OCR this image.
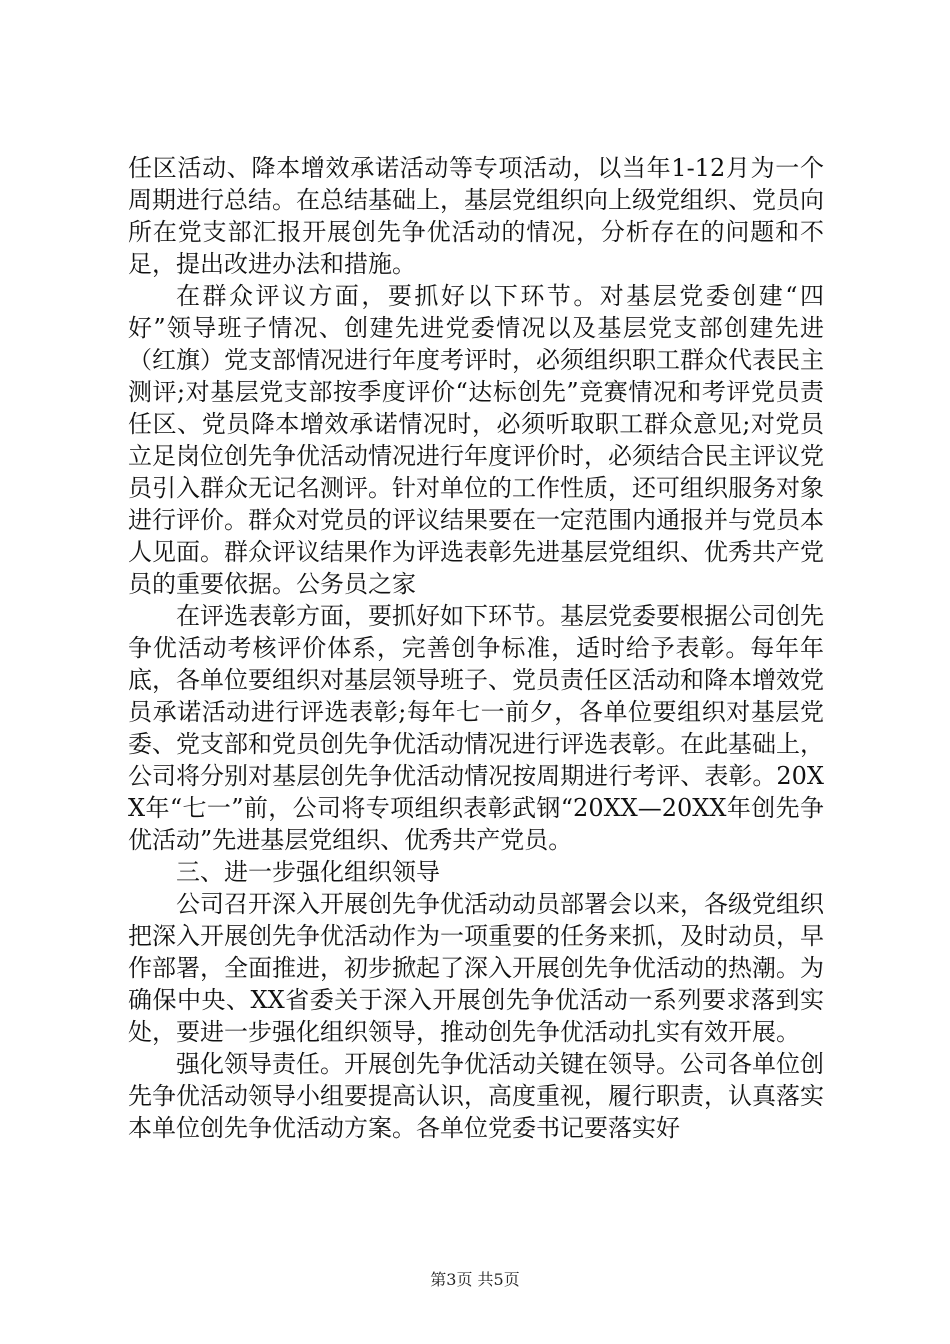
任区活动、降本增效承诺活动等专项活动，以当年1-12月为一个周期进行总结。在总结基础上，基层党组织向上级党组织、党员向所在党支部汇报开展创先争优活动的情况，分析存在的问题和不足，提出改进办法和措施。

在群众评议方面，要抓好以下环节。对基层党委创建“四好”领导班子情况、创建先进党委情况以及基层党支部创建先进（红旗）党支部情况进行年度考评时，必须组织职工群众代表民主测评;对基层党支部按季度评价“达标创先”竞赛情况和考评党员责任区、党员降本增效承诺情况时，必须听取职工群众意见;对党员立足岗位创先争优活动情况进行年度评价时，必须结合民主评议党员引入群众无记名测评。针对单位的工作性质，还可组织服务对象进行评价。群众对党员的评议结果要在一定范围内通报并与党员本人见面。群众评议结果作为评选表彰先进基层党组织、优秀共产党员的重要依据。公务员之家

在评选表彰方面，要抓好如下环节。基层党委要根据公司创先争优活动考核评价体系，完善创争标准，适时给予表彰。每年年底，各单位要组织对基层领导班子、党员责任区活动和降本增效党员承诺活动进行评选表彰;每年七一前夕，各单位要组织对基层党委、党支部和党员创先争优活动情况进行评选表彰。在此基础上，公司将分别对基层创先争优活动情况按周期进行考评、表彰。20XX年“七一”前，公司将专项组织表彰武钢“20XX—20XX年创先争优活动”先进基层党组织、优秀共产党员。

三、进一步强化组织领导

公司召开深入开展创先争优活动动员部署会以来，各级党组织把深入开展创先争优活动作为一项重要的任务来抓，及时动员，早作部署，全面推进，初步掀起了深入开展创先争优活动的热潮。为确保中央、XX省委关于深入开展创先争优活动一系列要求落到实处，要进一步强化组织领导，推动创先争优活动扎实有效开展。

强化领导责任。开展创先争优活动关键在领导。公司各单位创先争优活动领导小组要提高认识，高度重视，履行职责，认真落实本单位创先争优活动方案。各单位党委书记要落实好

第3页 共5页
